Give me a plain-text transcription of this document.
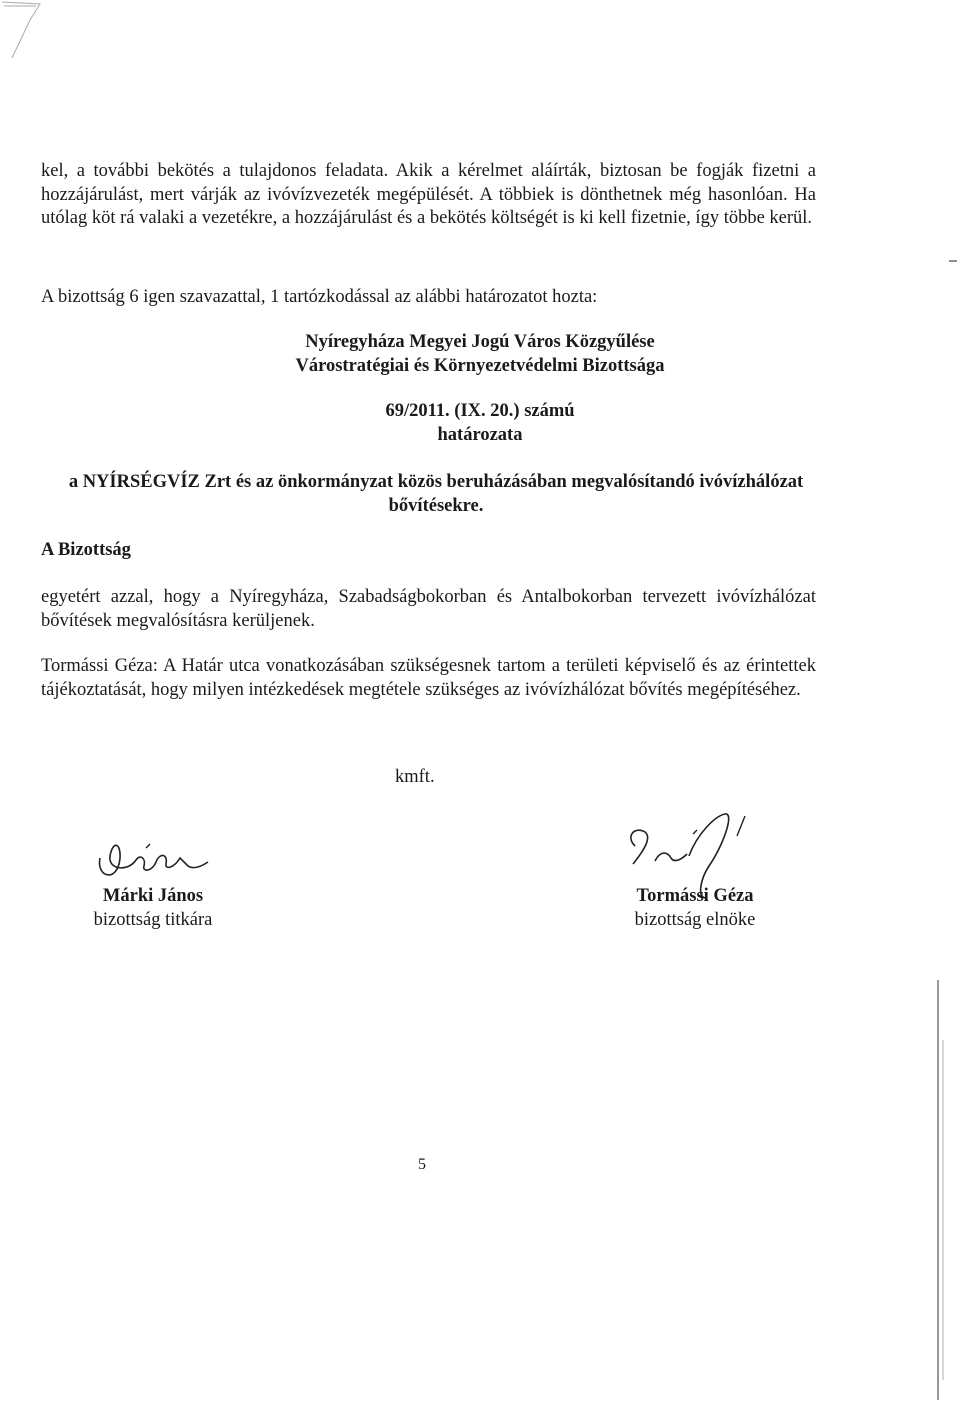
kel, a további bekötés a tulajdonos feladata. Akik a kérelmet aláírták, biztosan be fogják fizetni a hozzájárulást, mert várják az ivóvízvezeték megépülését. A többiek is dönthetnek még hasonlóan. Ha utólag köt rá valaki a vezetékre, a hozzájárulást és a bekötés költségét is ki kell fizetnie, így többe kerül.

A bizottság 6 igen szavazattal, 1 tartózkodással az alábbi határozatot hozta:

Nyíregyháza Megyei Jogú Város Közgyűlése

Várostratégiai és Környezetvédelmi Bizottsága

69/2011. (IX. 20.) számú

határozata

a NYÍRSÉGVÍZ Zrt és az önkormányzat közös beruházásában megvalósítandó ivóvízhálózat bővítésekre.

A Bizottság

egyetért azzal, hogy a Nyíregyháza, Szabadságbokorban és Antalbokorban tervezett ivóvízhálózat bővítések megvalósításra kerüljenek.

Tormássi Géza: A Határ utca vonatkozásában szükségesnek tartom a területi képviselő és az érintettek tájékoztatását, hogy milyen intézkedések megtétele szükséges az ivóvízhálózat bővítés megépítéséhez.

kmft.
Márki János
bizottság titkára
Tormássi Géza
bizottság elnöke
5
